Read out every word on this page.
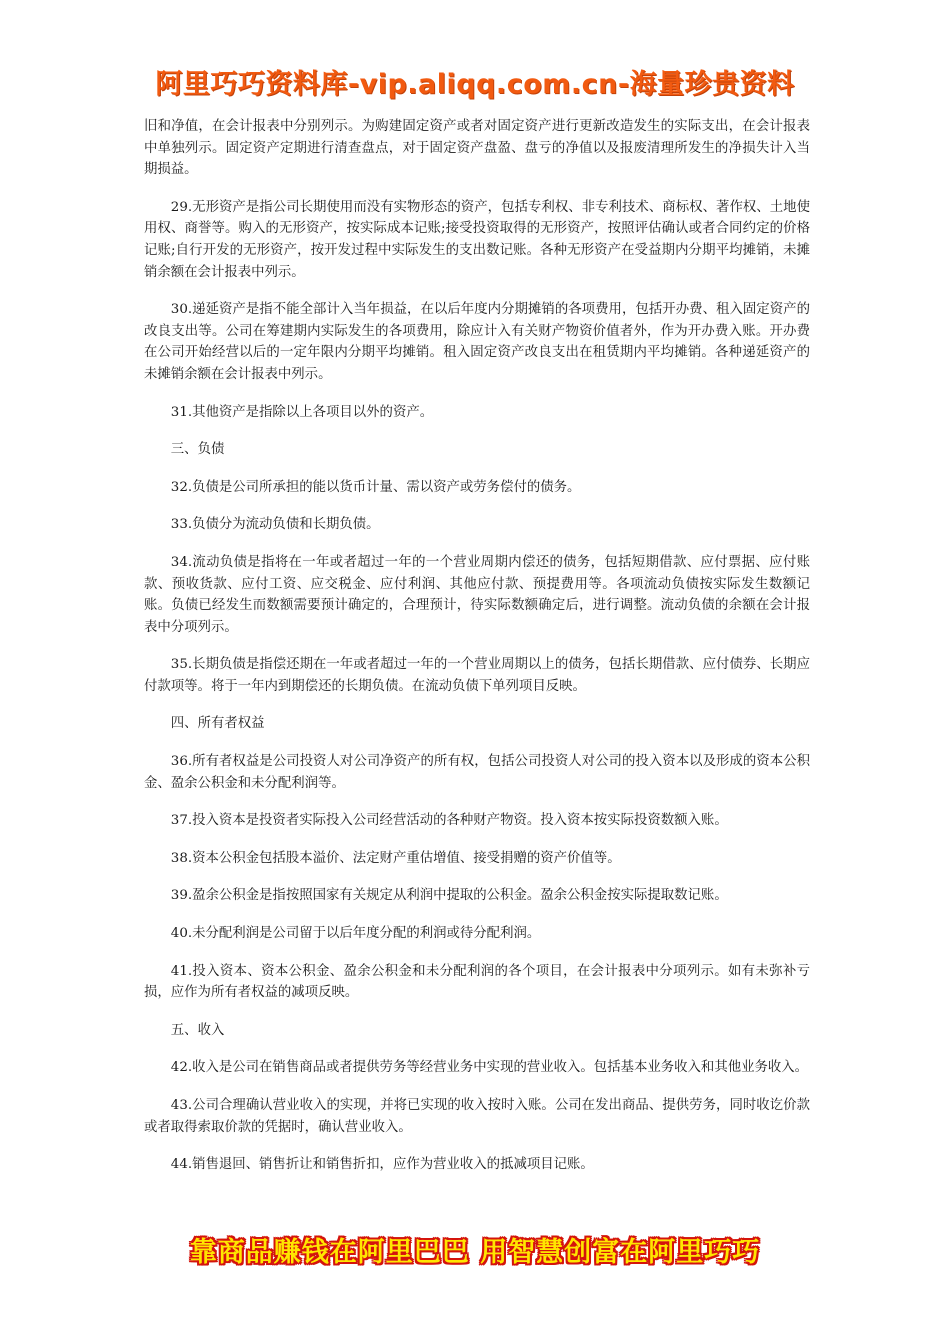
阿里巧巧资料库-vip.aliqq.com.cn-海量珍贵资料

旧和净值，在会计报表中分别列示。为购建固定资产或者对固定资产进行更新改造发生的实际支出，在会计报表中单独列示。固定资产定期进行清查盘点，对于固定资产盘盈、盘亏的净值以及报废清理所发生的净损失计入当期损益。

29.无形资产是指公司长期使用而没有实物形态的资产，包括专利权、非专利技术、商标权、著作权、土地使用权、商誉等。购入的无形资产，按实际成本记账;接受投资取得的无形资产，按照评估确认或者合同约定的价格记账;自行开发的无形资产，按开发过程中实际发生的支出数记账。各种无形资产在受益期内分期平均摊销，未摊销余额在会计报表中列示。

30.递延资产是指不能全部计入当年损益，在以后年度内分期摊销的各项费用，包括开办费、租入固定资产的改良支出等。公司在筹建期内实际发生的各项费用，除应计入有关财产物资价值者外，作为开办费入账。开办费在公司开始经营以后的一定年限内分期平均摊销。租入固定资产改良支出在租赁期内平均摊销。各种递延资产的未摊销余额在会计报表中列示。

31.其他资产是指除以上各项目以外的资产。

三、负债

32.负债是公司所承担的能以货币计量、需以资产或劳务偿付的债务。

33.负债分为流动负债和长期负债。

34.流动负债是指将在一年或者超过一年的一个营业周期内偿还的债务，包括短期借款、应付票据、应付账款、预收货款、应付工资、应交税金、应付利润、其他应付款、预提费用等。各项流动负债按实际发生数额记账。负债已经发生而数额需要预计确定的，合理预计，待实际数额确定后，进行调整。流动负债的余额在会计报表中分项列示。

35.长期负债是指偿还期在一年或者超过一年的一个营业周期以上的债务，包括长期借款、应付债券、长期应付款项等。将于一年内到期偿还的长期负债。在流动负债下单列项目反映。

四、所有者权益

36.所有者权益是公司投资人对公司净资产的所有权，包括公司投资人对公司的投入资本以及形成的资本公积金、盈余公积金和未分配利润等。

37.投入资本是投资者实际投入公司经营活动的各种财产物资。投入资本按实际投资数额入账。

38.资本公积金包括股本溢价、法定财产重估增值、接受捐赠的资产价值等。

39.盈余公积金是指按照国家有关规定从利润中提取的公积金。盈余公积金按实际提取数记账。

40.未分配利润是公司留于以后年度分配的利润或待分配利润。

41.投入资本、资本公积金、盈余公积金和未分配利润的各个项目，在会计报表中分项列示。如有未弥补亏损，应作为所有者权益的减项反映。

五、收入

42.收入是公司在销售商品或者提供劳务等经营业务中实现的营业收入。包括基本业务收入和其他业务收入。

43.公司合理确认营业收入的实现，并将已实现的收入按时入账。公司在发出商品、提供劳务，同时收讫价款或者取得索取价款的凭据时，确认营业收入。

44.销售退回、销售折让和销售折扣，应作为营业收入的抵减项目记账。

靠商品赚钱在阿里巴巴 用智慧创富在阿里巧巧
